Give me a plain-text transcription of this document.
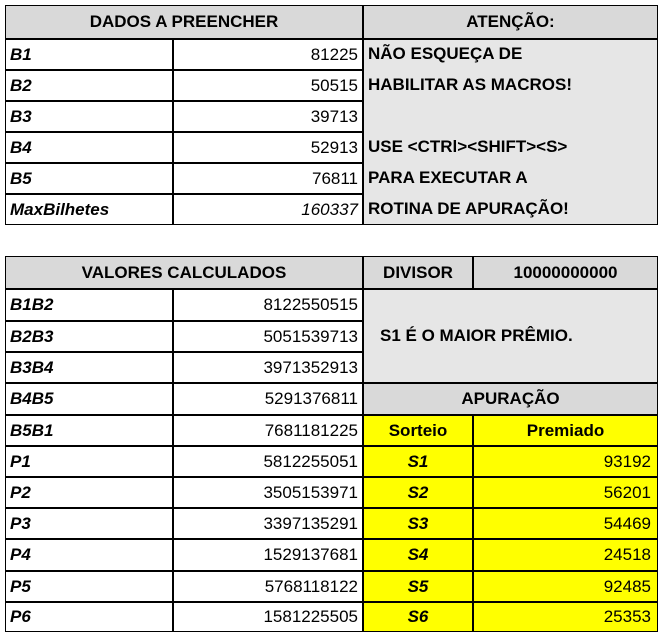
DADOS A PREENCHER
B1	81225
B2	50515
B3	39713
B4	52913
B5	76811
MaxBilhetes	160337
ATENÇÃO:
NÃO ESQUEÇA DE
HABILITAR AS MACROS!
USE <CTRl><SHIFT><S>
PARA EXECUTAR A
ROTINA DE APURAÇÃO!
VALORES CALCULADOS
B1B2	8122550515
B2B3	5051539713
B3B4	3971352913
B4B5	5291376811
B5B1	7681181225
P1	5812255051
P2	3505153971
P3	3397135291
P4	1529137681
P5	5768118122
P6	1581225505
DIVISOR	10000000000
S1 É O MAIOR PRÊMIO.
APURAÇÃO
Sorteio	Premiado
S1	93192
S2	56201
S3	54469
S4	24518
S5	92485
S6	25353
